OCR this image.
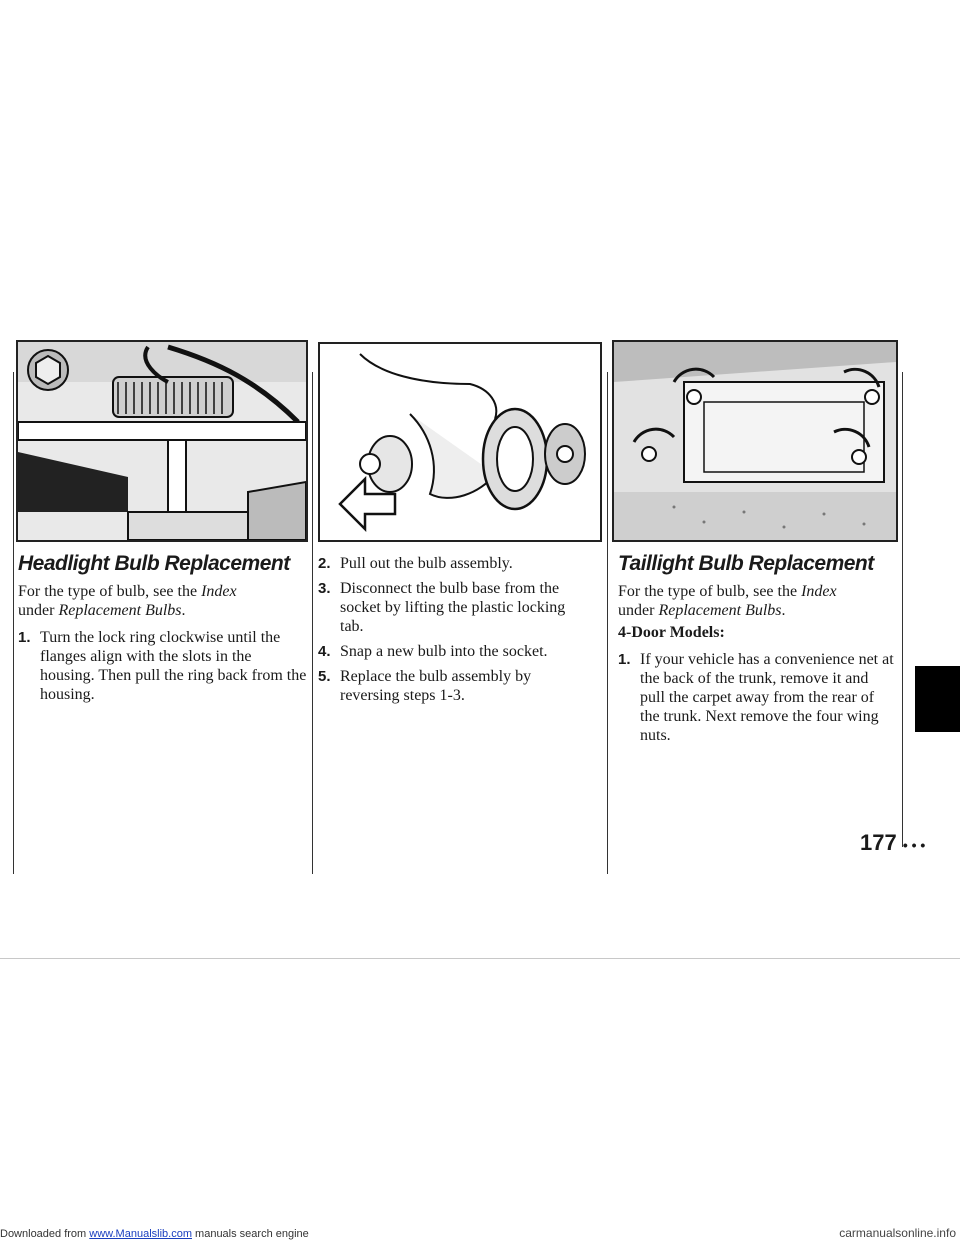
Headlight Bulb Replacement
For the type of bulb, see the Index
under Replacement Bulbs.
1. Turn the lock ring clockwise until the flanges align with the slots in the housing. Then pull the ring back from the housing.
2. Pull out the bulb assembly.
3. Disconnect the bulb base from the socket by lifting the plastic locking tab.
4. Snap a new bulb into the socket.
5. Replace the bulb assembly by reversing steps 1-3.
Taillight Bulb Replacement
For the type of bulb, see the Index
under Replacement Bulbs.
4-Door Models:
1. If your vehicle has a convenience net at the back of the trunk, remove it and pull the carpet away from the rear of the trunk. Next remove the four wing nuts.
177 • • •
Downloaded from www.Manualslib.com manuals search engine	carmanualsonline.info
